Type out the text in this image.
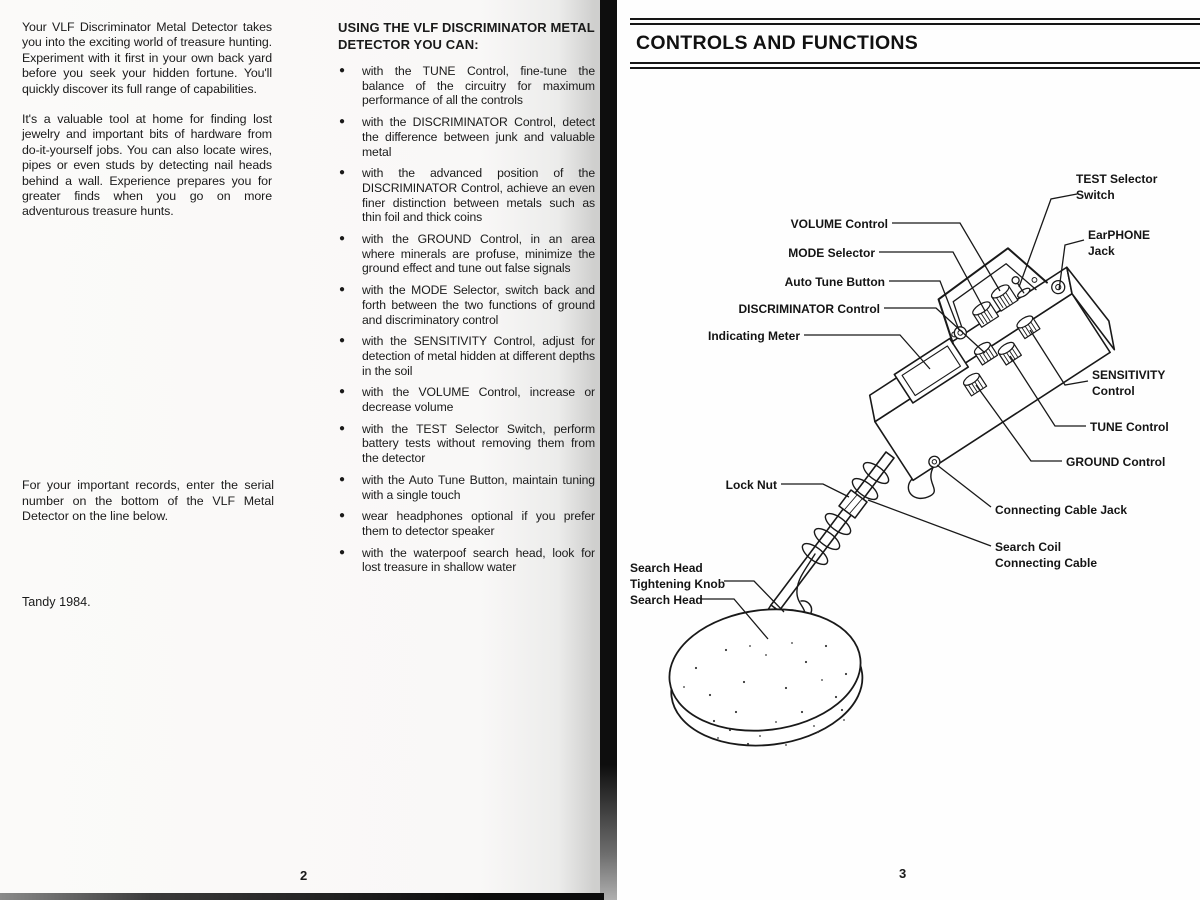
Your VLF Discriminator Metal Detector takes you into the exciting world of treasure hunting. Experiment with it first in your own back yard before you seek your hidden fortune. You'll quickly discover its full range of capabilities.

It's a valuable tool at home for finding lost jewelry and important bits of hardware from do-it-yourself jobs. You can also locate wires, pipes or even studs by detecting nail heads behind a wall. Experience prepares you for greater finds when you go on more adventurous treasure hunts.

For your important records, enter the serial number on the bottom of the VLF Metal Detector on the line below.
Tandy 1984.
USING THE VLF DISCRIMINATOR METAL DETECTOR YOU CAN:
● with the TUNE Control, fine-tune the balance of the circuitry for maximum performance of all the controls
● with the DISCRIMINATOR Control, detect the difference between junk and valuable metal
● with the advanced position of the DISCRIMINATOR Control, achieve an even finer distinction between metals such as thin foil and thick coins
● with the GROUND Control, in an area where minerals are profuse, minimize the ground effect and tune out false signals
● with the MODE Selector, switch back and forth between the two functions of ground and discriminatory control
● with the SENSITIVITY Control, adjust for detection of metal hidden at different depths in the soil
● with the VOLUME Control, increase or decrease volume
● with the TEST Selector Switch, perform battery tests without removing them from the detector
● with the Auto Tune Button, maintain tuning with a single touch
● wear headphones optional if you prefer them to detector speaker
● with the waterpoof search head, look for lost treasure in shallow water
2
CONTROLS AND FUNCTIONS
TEST Selector
Switch
EarPHONE
Jack
VOLUME Control
MODE Selector
Auto Tune Button
DISCRIMINATOR Control
Indicating Meter
SENSITIVITY
Control
TUNE Control
GROUND Control
Connecting Cable Jack
Search Coil
Connecting Cable
Lock Nut
Search Head
Tightening Knob
Search Head
3
